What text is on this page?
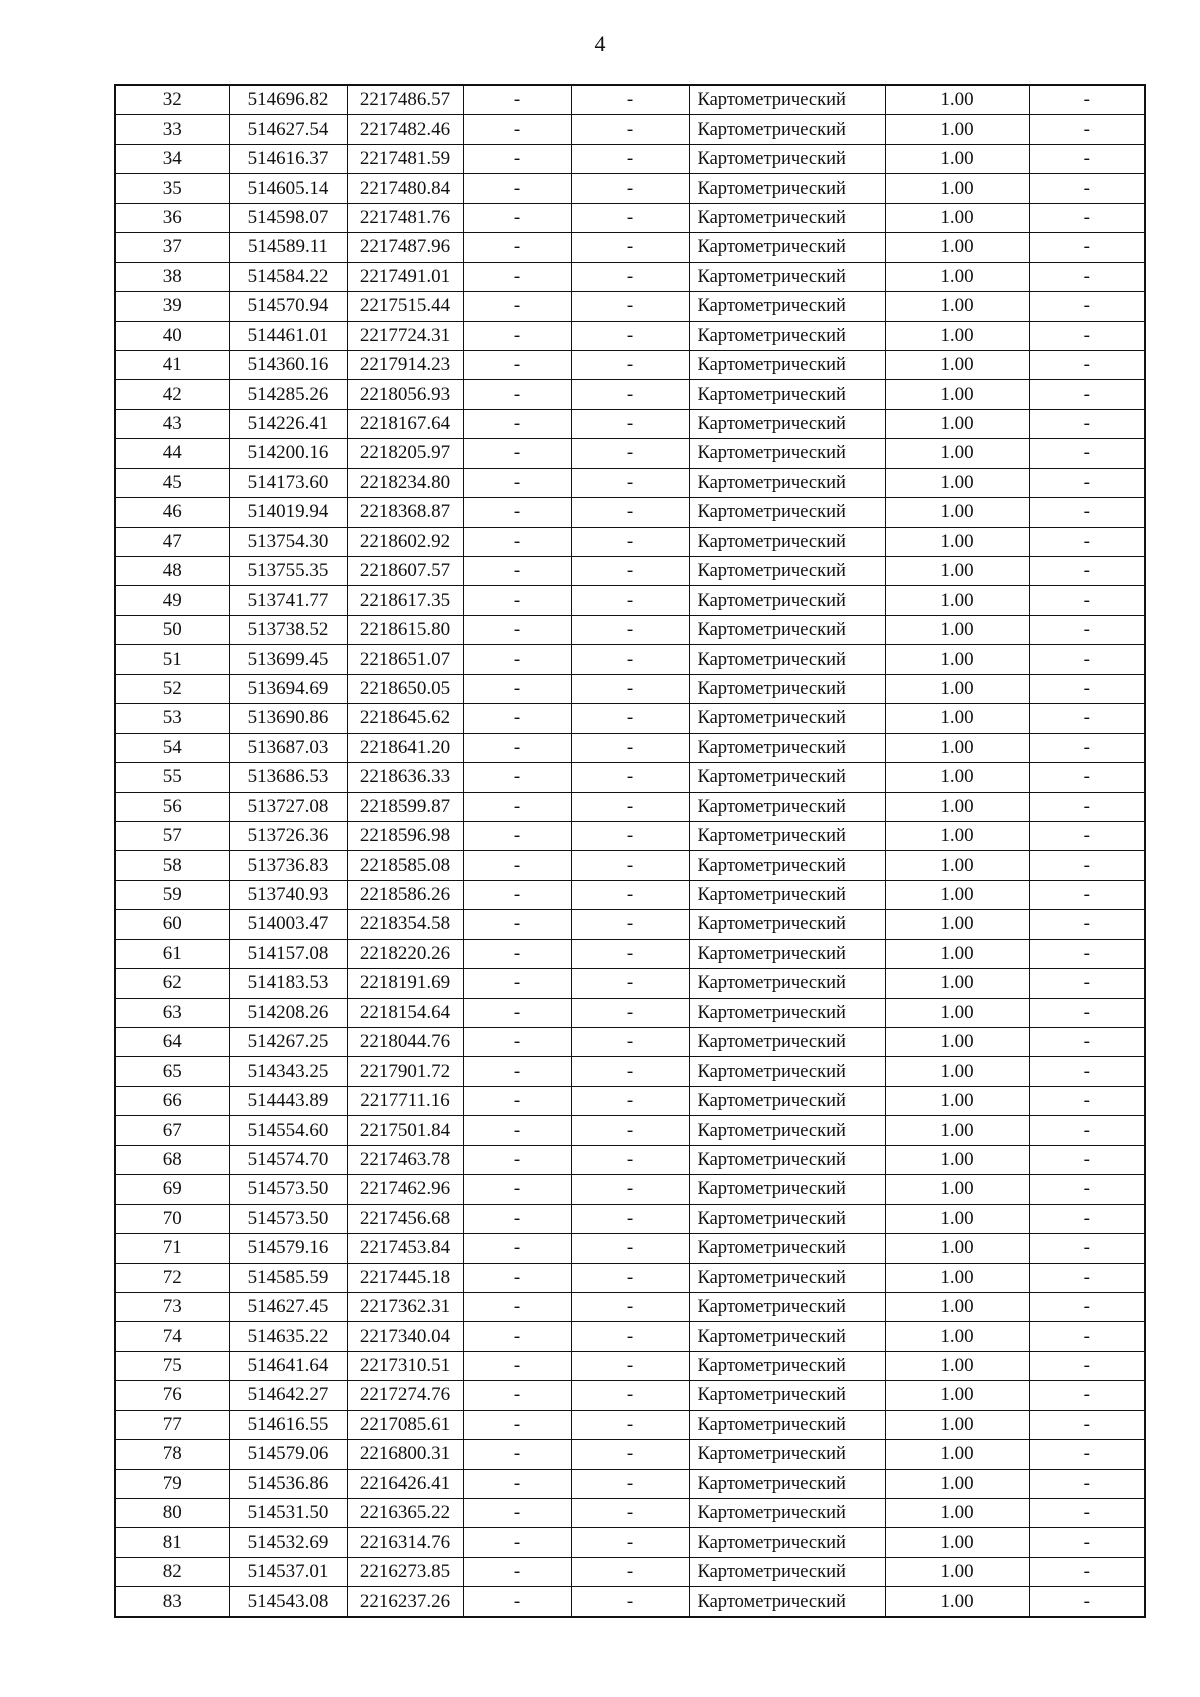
4
32	514696.82	2217486.57	-	-	Картометрический	1.00	-
33	514627.54	2217482.46	-	-	Картометрический	1.00	-
34	514616.37	2217481.59	-	-	Картометрический	1.00	-
35	514605.14	2217480.84	-	-	Картометрический	1.00	-
36	514598.07	2217481.76	-	-	Картометрический	1.00	-
37	514589.11	2217487.96	-	-	Картометрический	1.00	-
38	514584.22	2217491.01	-	-	Картометрический	1.00	-
39	514570.94	2217515.44	-	-	Картометрический	1.00	-
40	514461.01	2217724.31	-	-	Картометрический	1.00	-
41	514360.16	2217914.23	-	-	Картометрический	1.00	-
42	514285.26	2218056.93	-	-	Картометрический	1.00	-
43	514226.41	2218167.64	-	-	Картометрический	1.00	-
44	514200.16	2218205.97	-	-	Картометрический	1.00	-
45	514173.60	2218234.80	-	-	Картометрический	1.00	-
46	514019.94	2218368.87	-	-	Картометрический	1.00	-
47	513754.30	2218602.92	-	-	Картометрический	1.00	-
48	513755.35	2218607.57	-	-	Картометрический	1.00	-
49	513741.77	2218617.35	-	-	Картометрический	1.00	-
50	513738.52	2218615.80	-	-	Картометрический	1.00	-
51	513699.45	2218651.07	-	-	Картометрический	1.00	-
52	513694.69	2218650.05	-	-	Картометрический	1.00	-
53	513690.86	2218645.62	-	-	Картометрический	1.00	-
54	513687.03	2218641.20	-	-	Картометрический	1.00	-
55	513686.53	2218636.33	-	-	Картометрический	1.00	-
56	513727.08	2218599.87	-	-	Картометрический	1.00	-
57	513726.36	2218596.98	-	-	Картометрический	1.00	-
58	513736.83	2218585.08	-	-	Картометрический	1.00	-
59	513740.93	2218586.26	-	-	Картометрический	1.00	-
60	514003.47	2218354.58	-	-	Картометрический	1.00	-
61	514157.08	2218220.26	-	-	Картометрический	1.00	-
62	514183.53	2218191.69	-	-	Картометрический	1.00	-
63	514208.26	2218154.64	-	-	Картометрический	1.00	-
64	514267.25	2218044.76	-	-	Картометрический	1.00	-
65	514343.25	2217901.72	-	-	Картометрический	1.00	-
66	514443.89	2217711.16	-	-	Картометрический	1.00	-
67	514554.60	2217501.84	-	-	Картометрический	1.00	-
68	514574.70	2217463.78	-	-	Картометрический	1.00	-
69	514573.50	2217462.96	-	-	Картометрический	1.00	-
70	514573.50	2217456.68	-	-	Картометрический	1.00	-
71	514579.16	2217453.84	-	-	Картометрический	1.00	-
72	514585.59	2217445.18	-	-	Картометрический	1.00	-
73	514627.45	2217362.31	-	-	Картометрический	1.00	-
74	514635.22	2217340.04	-	-	Картометрический	1.00	-
75	514641.64	2217310.51	-	-	Картометрический	1.00	-
76	514642.27	2217274.76	-	-	Картометрический	1.00	-
77	514616.55	2217085.61	-	-	Картометрический	1.00	-
78	514579.06	2216800.31	-	-	Картометрический	1.00	-
79	514536.86	2216426.41	-	-	Картометрический	1.00	-
80	514531.50	2216365.22	-	-	Картометрический	1.00	-
81	514532.69	2216314.76	-	-	Картометрический	1.00	-
82	514537.01	2216273.85	-	-	Картометрический	1.00	-
83	514543.08	2216237.26	-	-	Картометрический	1.00	-
